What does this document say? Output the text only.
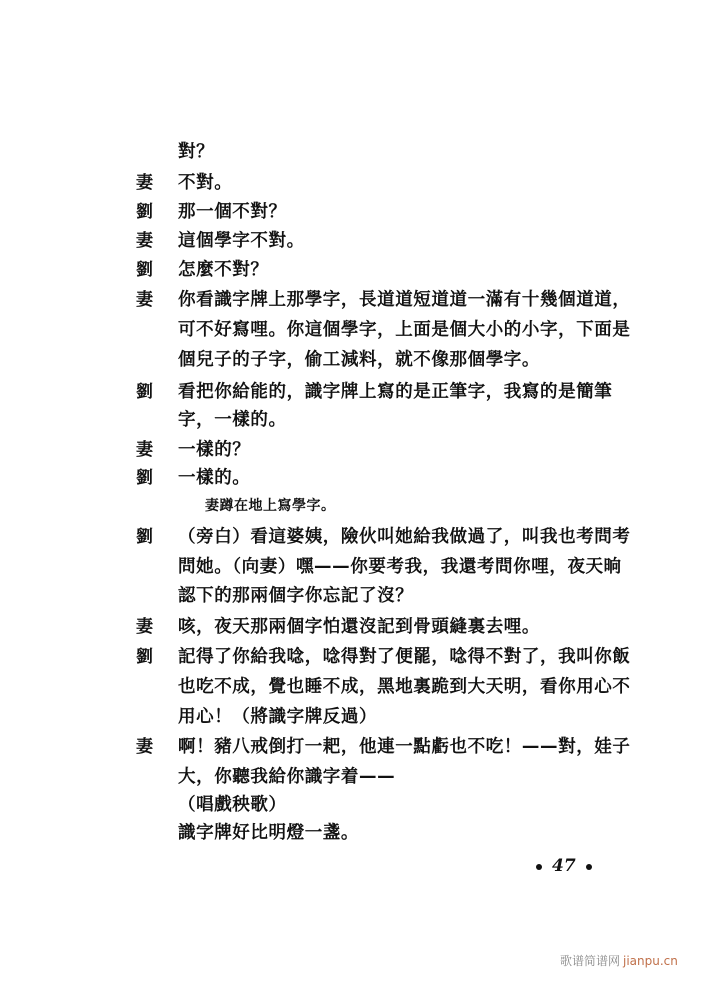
對？
妻 不對。
劉 那一個不對？
妻 這個學字不對。
劉 怎麼不對？
妻 你看識字牌上那學字，長道道短道道一滿有十幾個道道，
可不好寫哩。你這個學字，上面是個大小的小字，下面是
個兒子的子字，偷工減料，就不像那個學字。
劉 看把你給能的，識字牌上寫的是正筆字，我寫的是簡筆
字，一樣的。
妻 一樣的？
劉 一樣的。
妻蹲在地上寫學字。
劉 （旁白）看這婆姨，險伙叫她給我做過了，叫我也考問考
問她。（向妻）嘿——你要考我，我還考問你哩，夜天晌
認下的那兩個字你忘記了沒？
妻 咳，夜天那兩個字怕還沒記到骨頭縫裏去哩。
劉 記得了你給我唸，唸得對了便罷，唸得不對了，我叫你飯
也吃不成，覺也睡不成，黑地裏跪到大天明，看你用心不
用心！（將識字牌反過）
妻 啊！豬八戒倒打一耙，他連一點虧也不吃！——對，娃子
大，你聽我給你識字着——
（唱戲秧歌）
識字牌好比明燈一盞。
47
歌谱简谱网 jianpu.cn
